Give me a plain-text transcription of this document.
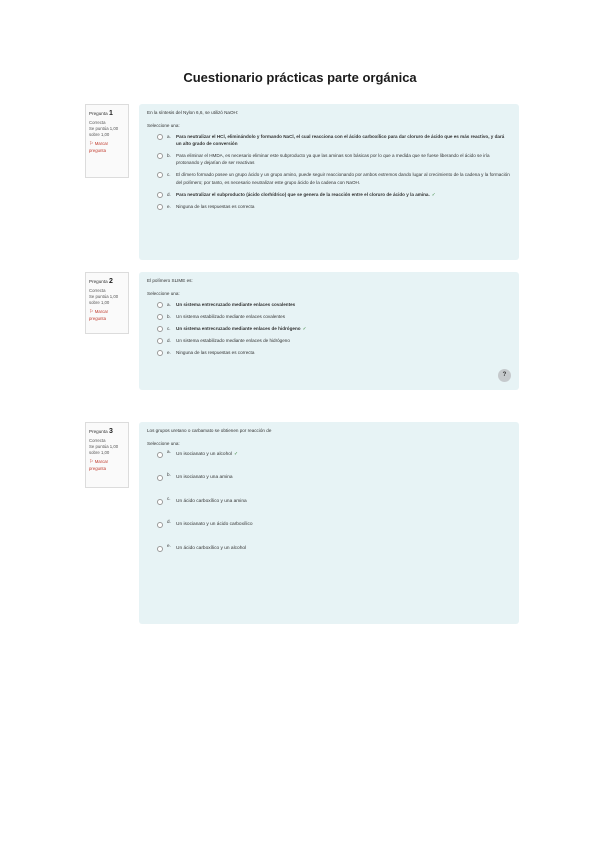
Cuestionario prácticas parte orgánica
Pregunta 1
Correcta
Se puntúa 1,00 sobre 1,00
⚐ Marcar pregunta
En la síntesis del Nylon 6,6, se utilizó NaOH:
Seleccione una:
a.	Para neutralizar el HCl, eliminándolo y formando NaCl, el cual reacciona con el ácido carboxílico para dar cloruro de ácido que es más reactivo, y dará un alto grado de conversión
b.	Para eliminar el HMDA, es necesario eliminar este subproducto ya que las aminas son básicas por lo que a medida que se fuese liberando el ácido se iría protonando y dejarían de ser reactivas
c.	El dímero formado posee un grupo ácido y un grupo amino, puede seguir reaccionando por ambos extremos dando lugar al crecimiento de la cadena y la formación del polímero; por tanto, es necesario neutralizar este grupo ácido de la cadena con NaOH.
d.	Para neutralizar el subproducto (ácido clorhídrico) que se genera de la reacción entre el cloruro de ácido y la amina. ✓
e.	Ninguna de las respuestas es correcta
Pregunta 2
Correcta
Se puntúa 1,00 sobre 1,00
⚐ Marcar pregunta
El polímero SLIME es:
Seleccione una:
a.	Un sistema entrecruzado mediante enlaces covalentes
b.	Un sistema estabilizado mediante enlaces covalentes
c.	Un sistema entrecruzado mediante enlaces de hidrógeno ✓
d.	Un sistema estabilizado mediante enlaces de hidrógeno
e.	Ninguna de las respuestas es correcta
?
Pregunta 3
Correcta
Se puntúa 1,00 sobre 1,00
⚐ Marcar pregunta
Los grupos uretano o carbamato se obtienen por reacción de
Seleccione una:
a.
Un isocianato y un alcohol ✓
b.
Un isocianato y una amina
c.
Un ácido carboxílico y una amina
d.
Un isocianato y un ácido carboxílico
e.
Un ácido carboxílico y un alcohol
